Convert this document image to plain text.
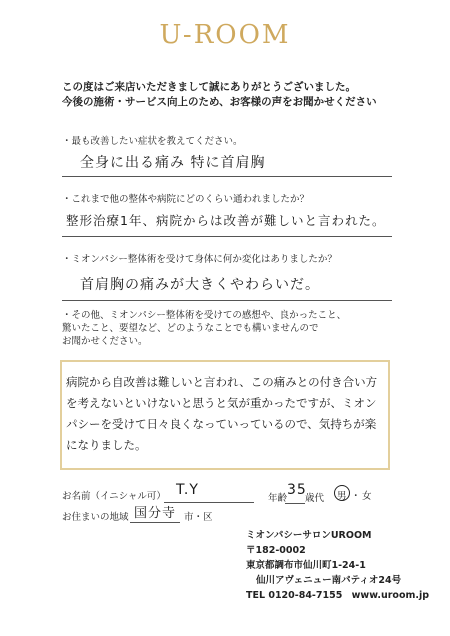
U-ROOM
この度はご来店いただきまして誠にありがとうございました。
今後の施術・サービス向上のため、お客様の声をお聞かせください
・最も改善したい症状を教えてください。
全身に出る痛み 特に首肩胸
・これまで他の整体や病院にどのくらい通われましたか？
整形治療1年、病院からは改善が難しいと言われた。
・ミオンパシー整体術を受けて身体に何か変化はありましたか？
首肩胸の痛みが大きくやわらいだ。
・その他、ミオンパシー整体術を受けての感想や、良かったこと、
驚いたこと、要望など、どのようなことでも構いませんので
お聞かせください。
病院から自改善は難しいと言われ、この痛みとの付き合い方を考えないといけないと思うと気が重かったですが、ミオンパシーを受けて日々良くなっていっているので、気持ちが楽になりました。
お名前（イニシャル可） T.Y
年齢
35
歳代 男 ・ 女
お住まいの地域 国分寺 市・区
ミオンパシーサロンUROOM
〒182-0002
東京都調布市仙川町1-24-1
仙川アヴェニュー南パティオ24号
TEL 0120-84-7155 www.uroom.jp
